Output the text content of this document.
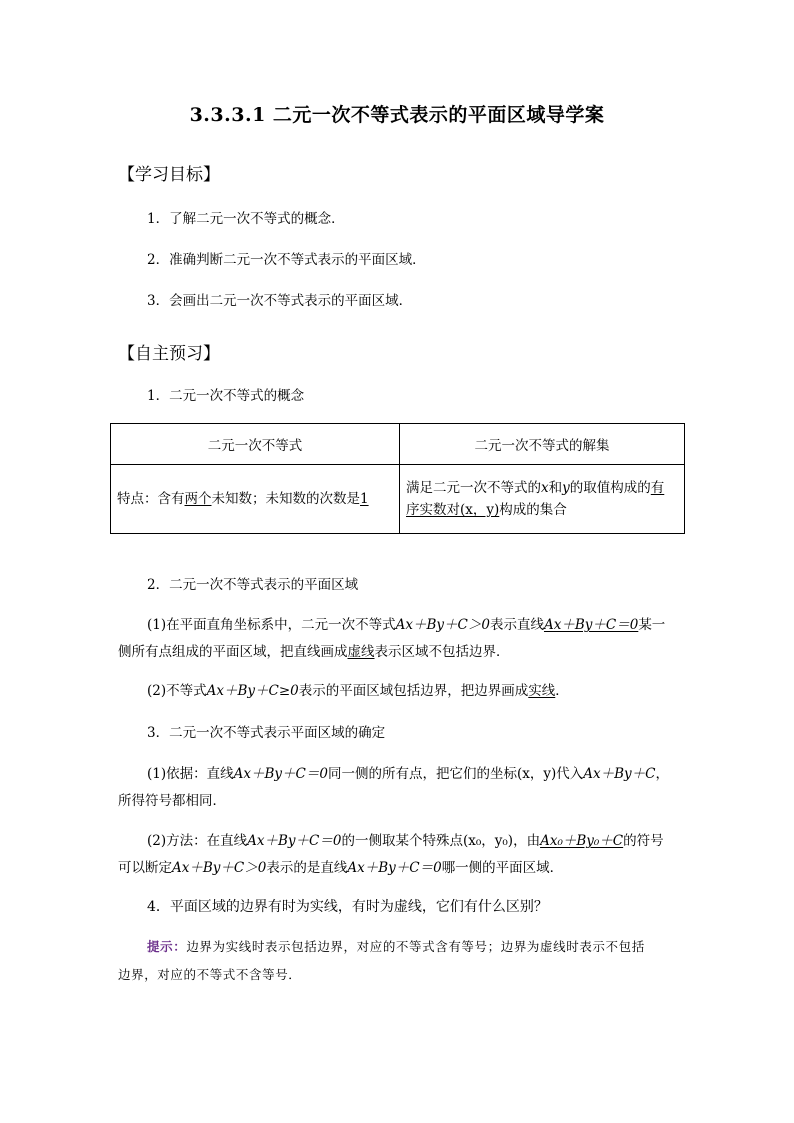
3.3.3.1 二元一次不等式表示的平面区域导学案
【学习目标】
1．了解二元一次不等式的概念．
2．准确判断二元一次不等式表示的平面区域．
3．会画出二元一次不等式表示的平面区域．
【自主预习】
1．二元一次不等式的概念
二元一次不等式	二元一次不等式的解集
特点：含有两个未知数；未知数的次数是1	满足二元一次不等式的x和y的取值构成的有
序实数对(x，y)构成的集合
2．二元一次不等式表示的平面区域
(1)在平面直角坐标系中，二元一次不等式Ax＋By＋C＞0表示直线Ax＋By＋C＝0某一
侧所有点组成的平面区域，把直线画成虚线表示区域不包括边界．
(2)不等式Ax＋By＋C≥0表示的平面区域包括边界，把边界画成实线．
3．二元一次不等式表示平面区域的确定
(1)依据：直线Ax＋By＋C＝0同一侧的所有点，把它们的坐标(x，y)代入Ax＋By＋C，
所得符号都相同．
(2)方法：在直线Ax＋By＋C＝0的一侧取某个特殊点(x₀，y₀)，由Ax₀＋By₀＋C的符号
可以断定Ax＋By＋C＞0表示的是直线Ax＋By＋C＝0哪一侧的平面区域．
4．平面区域的边界有时为实线，有时为虚线，它们有什么区别？
提示：边界为实线时表示包括边界，对应的不等式含有等号；边界为虚线时表示不包括
边界，对应的不等式不含等号．
